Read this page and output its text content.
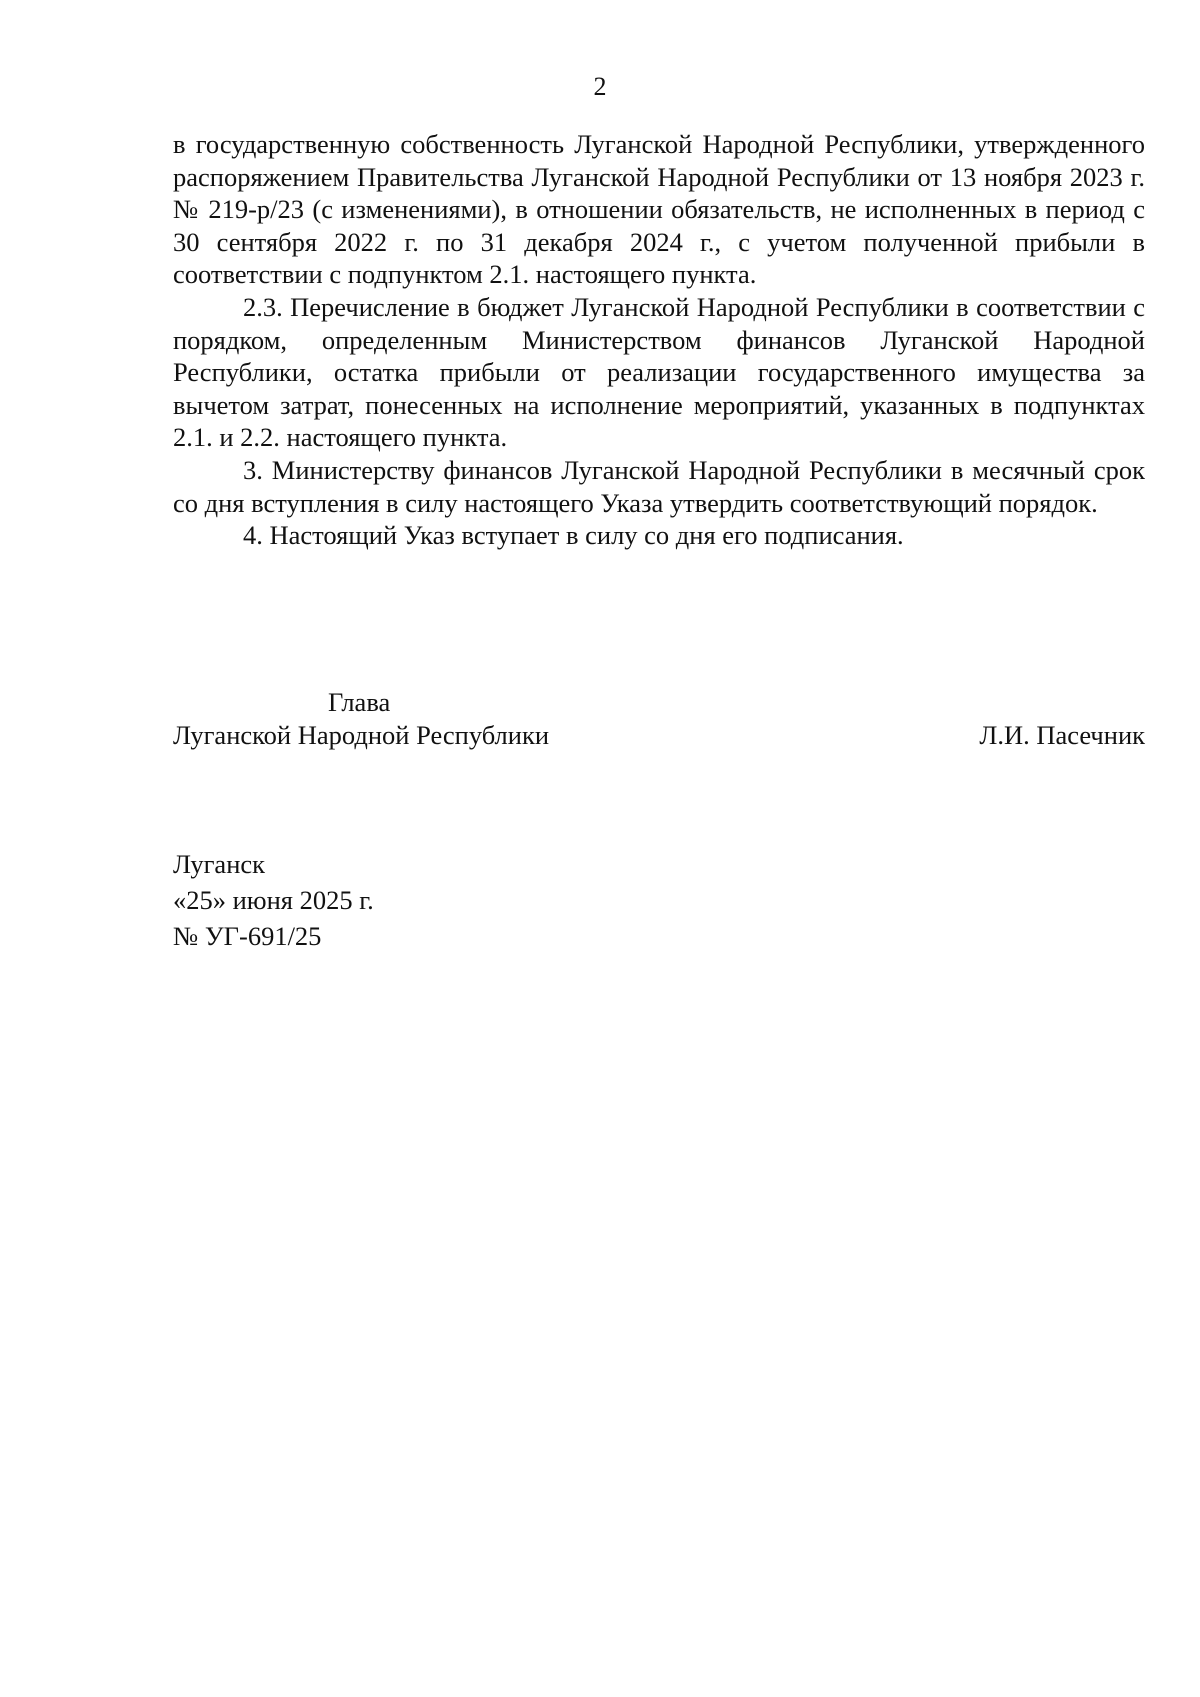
2

в государственную собственность Луганской Народной Республики, утвержденного распоряжением Правительства Луганской Народной Республики от 13 ноября 2023 г. № 219-р/23 (с изменениями), в отношении обязательств, не исполненных в период с 30 сентября 2022 г. по 31 декабря 2024 г., с учетом полученной прибыли в соответствии с подпунктом 2.1. настоящего пункта.

2.3. Перечисление в бюджет Луганской Народной Республики в соответствии с порядком, определенным Министерством финансов Луганской Народной Республики, остатка прибыли от реализации государственного имущества за вычетом затрат, понесенных на исполнение мероприятий, указанных в подпунктах 2.1. и 2.2. настоящего пункта.

3. Министерству финансов Луганской Народной Республики в месячный срок со дня вступления в силу настоящего Указа утвердить соответствующий порядок.

4. Настоящий Указ вступает в силу со дня его подписания.

Глава
Луганской Народной Республики	Л.И. Пасечник
Луганск
«25» июня 2025 г.
№ УГ-691/25
